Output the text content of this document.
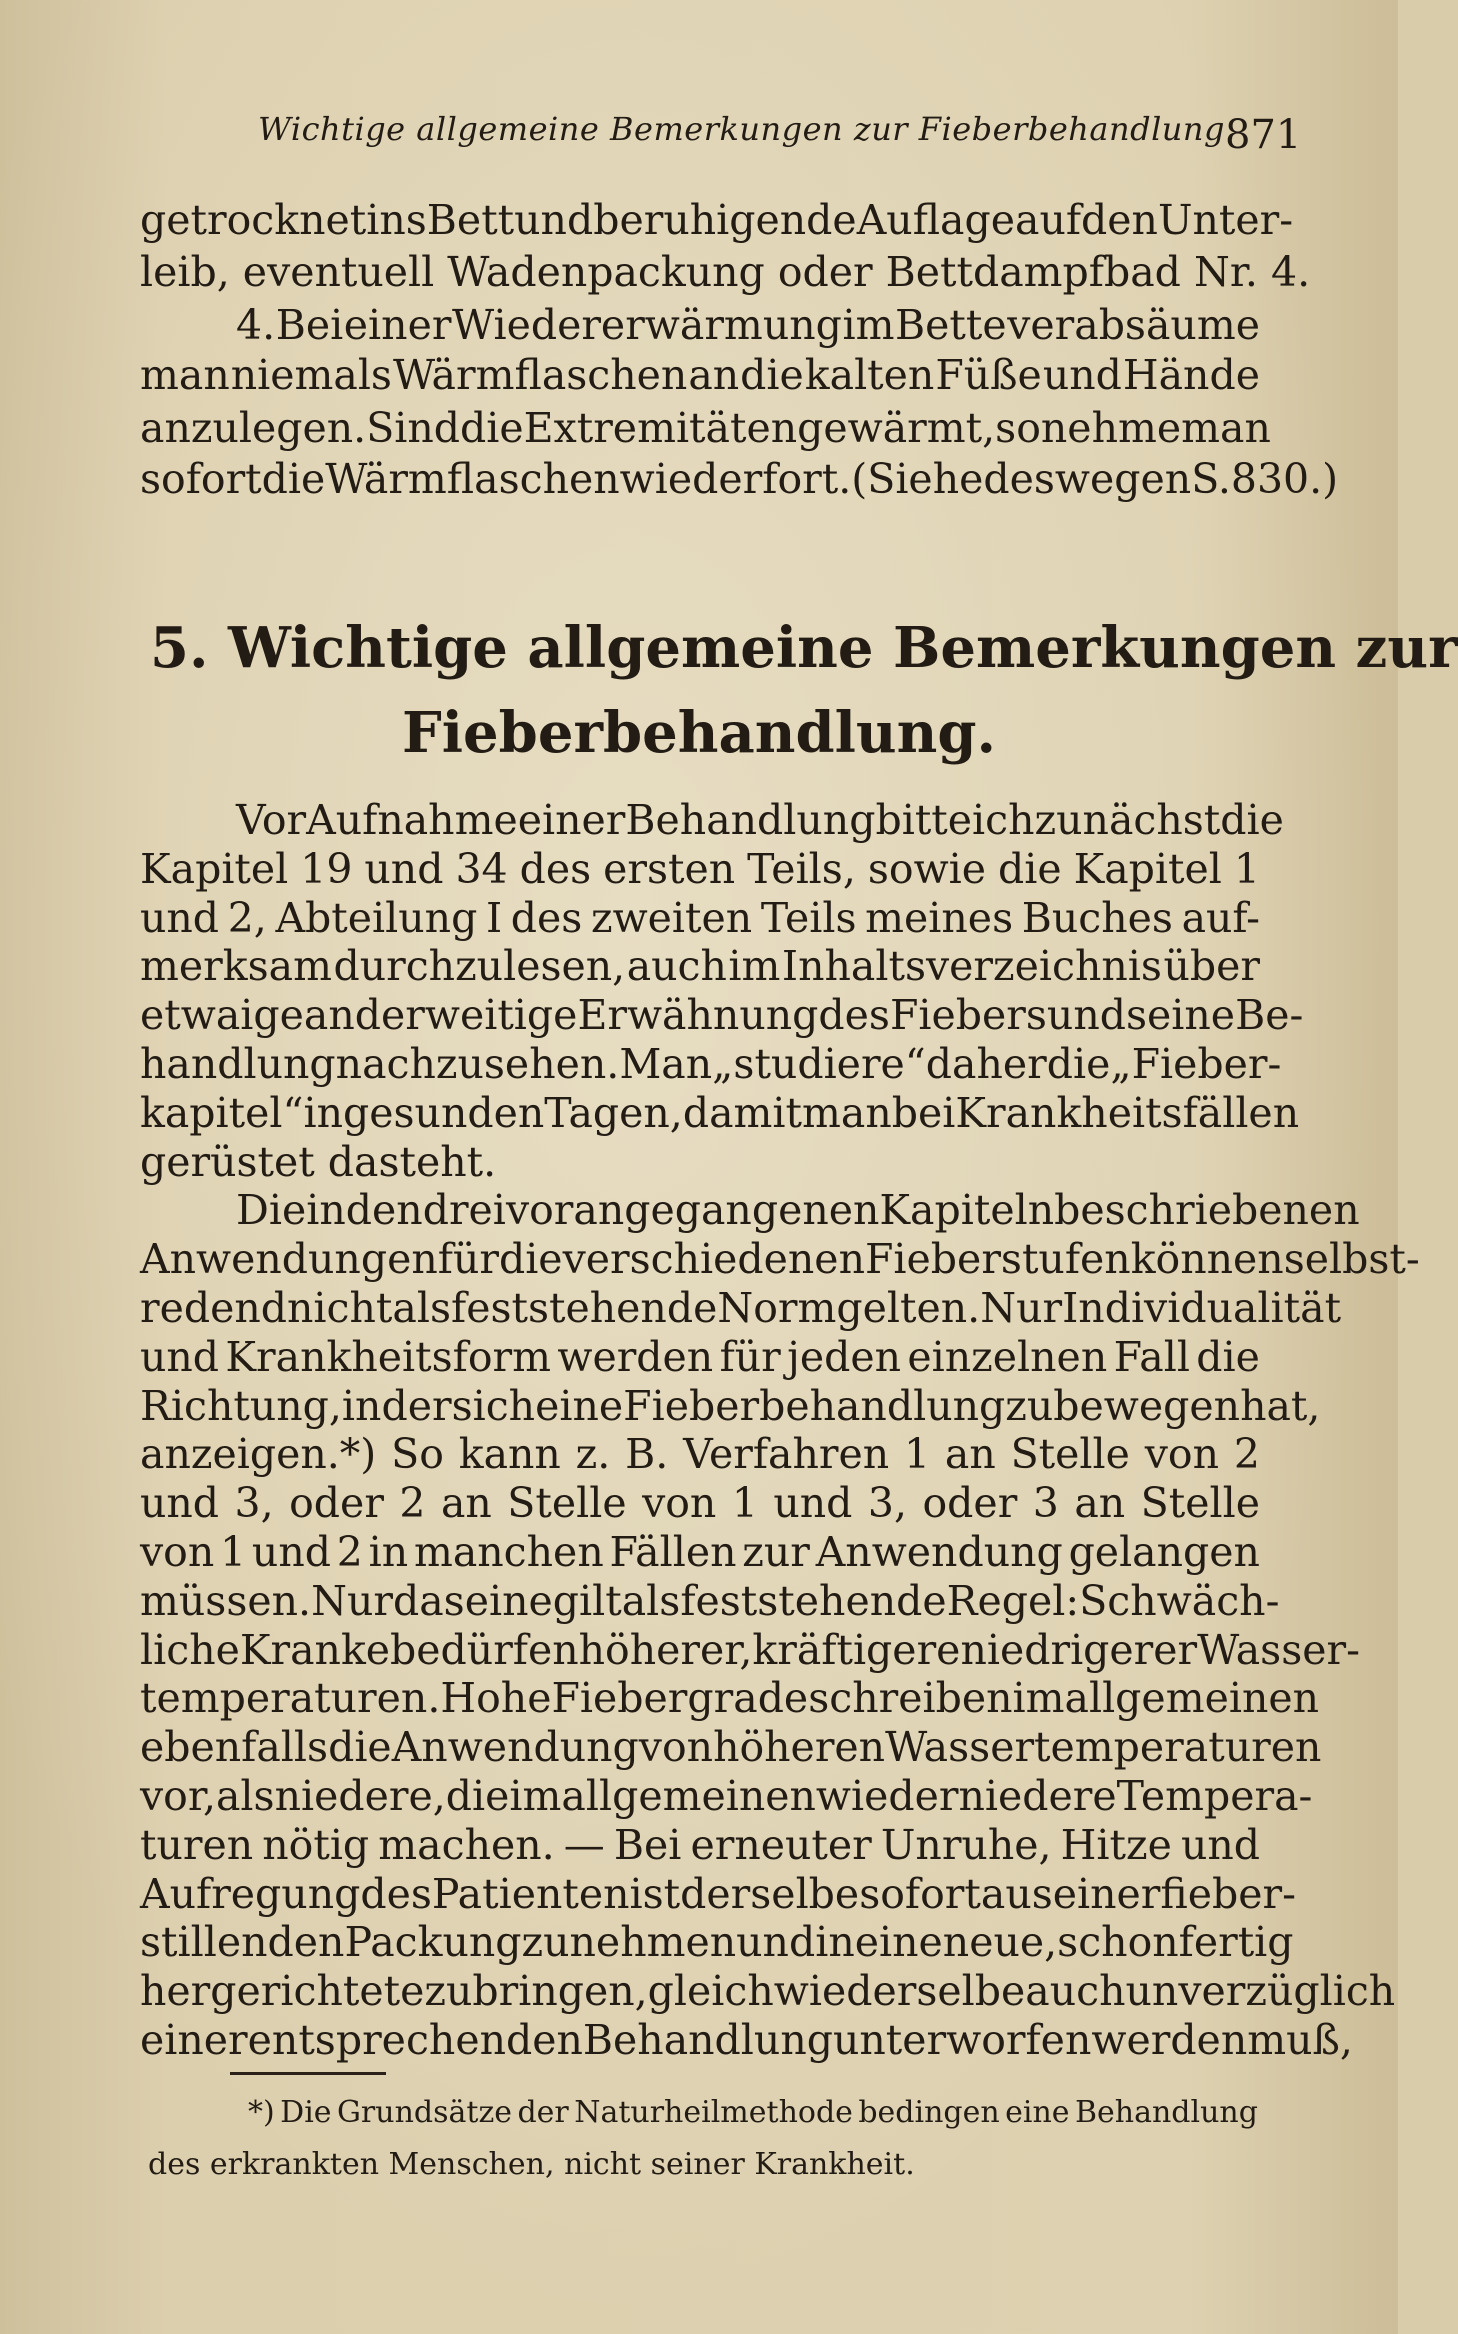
Wichtige allgemeine Bemerkungen zur Fieberbehandlung.
871
getrocknet ins Bett und beruhigende Auflage auf den Unter-
leib, eventuell Wadenpackung oder Bettdampfbad Nr. 4.
4. Bei einer Wiedererwärmung im Bette verabsäume
man niemals Wärmflaschen an die kalten Füße und Hände
anzulegen. Sind die Extremitäten gewärmt, so nehme man
sofort die Wärmflaschen wieder fort. (Siehe deswegen S. 830.)
5. Wichtige allgemeine Bemerkungen zur
Fieberbehandlung.
Vor Aufnahme einer Behandlung bitte ich zunächst die
Kapitel 19 und 34 des ersten Teils, sowie die Kapitel 1
und 2, Abteilung I des zweiten Teils meines Buches auf-
merksam durchzulesen, auch im Inhaltsverzeichnis über
etwaige anderweitige Erwähnung des Fiebers und seine Be-
handlung nachzusehen. Man „studiere“ daher die „Fieber-
kapitel“ in gesunden Tagen, damit man bei Krankheitsfällen
gerüstet dasteht.
Die in den drei vorangegangenen Kapiteln beschriebenen
Anwendungen für die verschiedenen Fieberstufen können selbst-
redend nicht als feststehende Norm gelten. Nur Individualität
und Krankheitsform werden für jeden einzelnen Fall die
Richtung, in der sich eine Fieberbehandlung zu bewegen hat,
anzeigen.*) So kann z. B. Verfahren 1 an Stelle von 2
und 3, oder 2 an Stelle von 1 und 3, oder 3 an Stelle
von 1 und 2 in manchen Fällen zur Anwendung gelangen
müssen. Nur das eine gilt als feststehende Regel: Schwäch-
liche Kranke bedürfen höherer, kräftigere niedrigerer Wasser-
temperaturen. Hohe Fiebergrade schreiben im allgemeinen
ebenfalls die Anwendung von höheren Wassertemperaturen
vor, als niedere, die im allgemeinen wieder niedere Tempera-
turen nötig machen. — Bei erneuter Unruhe, Hitze und
Aufregung des Patienten ist derselbe sofort aus einer fieber-
stillenden Packung zu nehmen und in eine neue, schon fertig
hergerichtete zu bringen, gleichwie derselbe auch unverzüglich
einer entsprechenden Behandlung unterworfen werden muß,
*) Die Grundsätze der Naturheilmethode bedingen eine Behandlung
des erkrankten Menschen, nicht seiner Krankheit.
